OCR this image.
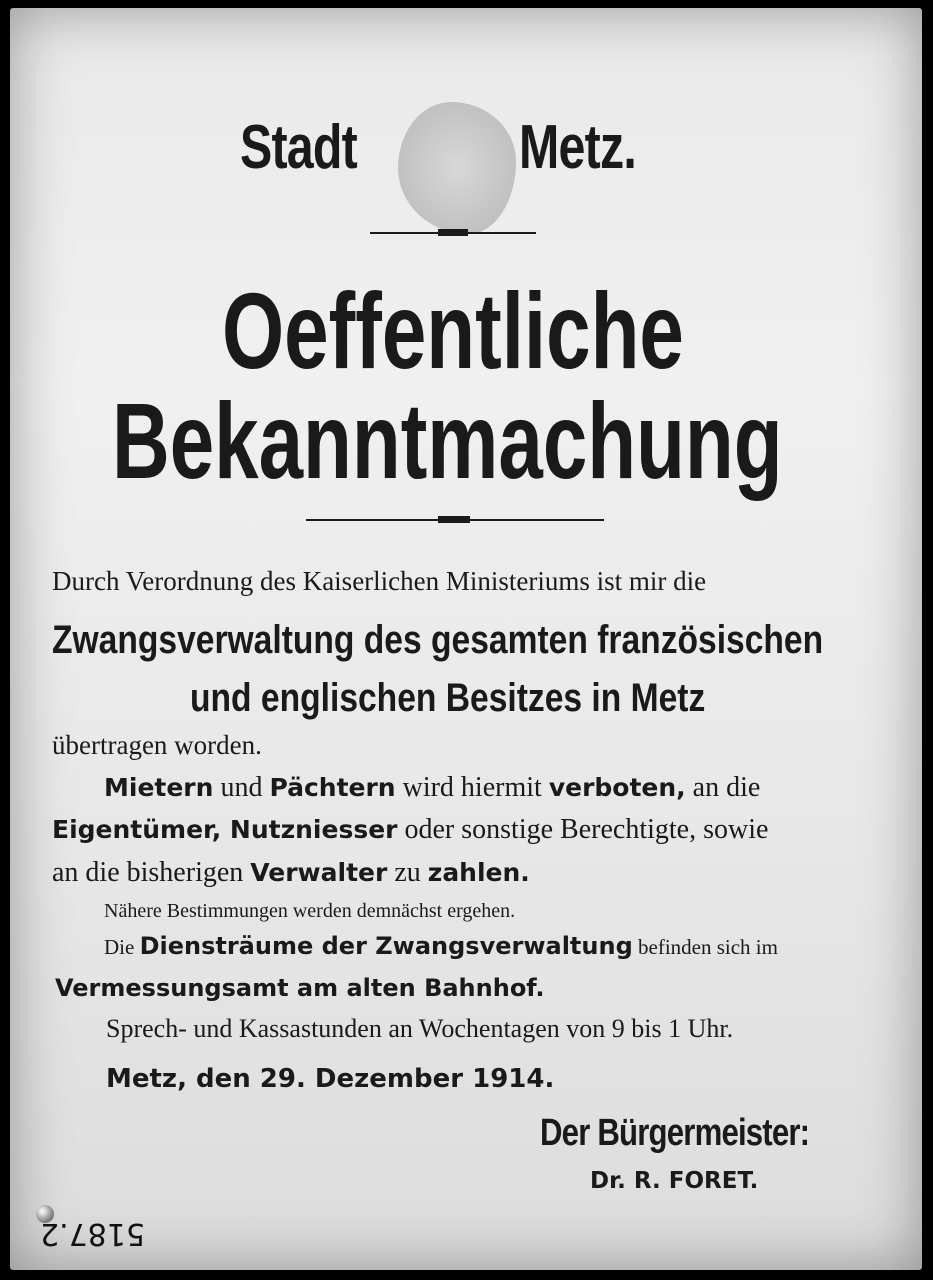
Stadt	Metz.
Oeffentliche
Bekanntmachung
Durch Verordnung des Kaiserlichen Ministeriums ist mir die
Zwangsverwaltung des gesamten französischen
und englischen Besitzes in Metz
übertragen worden.
Mietern und Pächtern wird hiermit verboten, an die
Eigentümer, Nutzniesser oder sonstige Berechtigte, sowie
an die bisherigen Verwalter zu zahlen.
Nähere Bestimmungen werden demnächst ergehen.
Die Diensträume der Zwangsverwaltung befinden sich im
Vermessungsamt am alten Bahnhof.
Sprech- und Kassastunden an Wochentagen von 9 bis 1 Uhr.
Metz, den 29. Dezember 1914.
Der Bürgermeister:
Dr. R. FORET.
5187.2
